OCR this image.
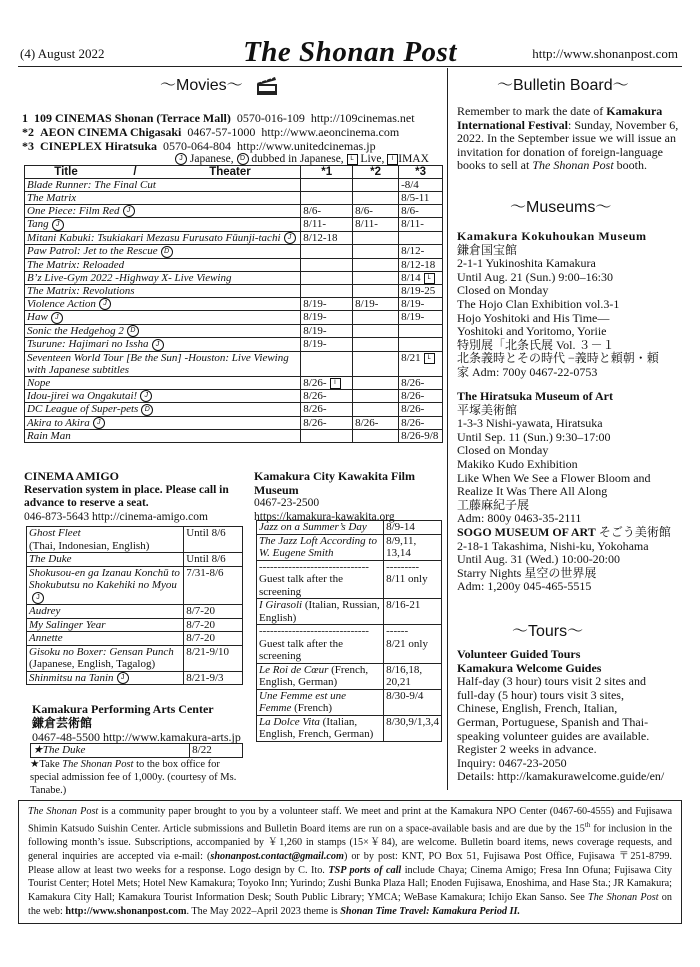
(4) August 2022	The Shonan Post	http://www.shonanpost.com
〜Movies〜
1 109 CINEMAS Shonan (Terrace Mall) 0570-016-109 http://109cinemas.net
*2 AEON CINEMA Chigasaki 0467-57-1000 http://www.aeoncinema.com
*3 CINEPLEX Hiratsuka 0570-064-804 http://www.unitedcinemas.jp
J Japanese, D dubbed in Japanese, L Live, I IMAX
Title / Theater	*1	*2	*3
Blade Runner: The Final Cut			-8/4
The Matrix			8/5-11
One Piece: Film Red J	8/6-	8/6-	8/6-
Tang J	8/11-	8/11-	8/11-
Mitani Kabuki: Tsukiakari Mezasu Furusato Fūunji-tachi J	8/12-18		
Paw Patrol: Jet to the Rescue D			8/12-
The Matrix: Reloaded			8/12-18
B’z Live-Gym 2022 -Highway X- Live Viewing			8/14 L
The Matrix: Revolutions			8/19-25
Violence Action J	8/19-	8/19-	8/19-
Haw J	8/19-		8/19-
Sonic the Hedgehog 2 D	8/19-		
Tsurune: Hajimari no Issha J	8/19-		
Seventeen World Tour [Be the Sun] -Houston: Live Viewing with Japanese subtitles			8/21 L
Nope	8/26- I		8/26-
Idou-jirei wa Ongakutai! J	8/26-		8/26-
DC League of Super-pets D	8/26-		8/26-
Akira to Akira J	8/26-	8/26-	8/26-
Rain Man			8/26-9/8
CINEMA AMIGO
Reservation system in place. Please call in advance to reserve a seat.
046-873-5643 http://cinema-amigo.com
Ghost Fleet
(Thai, Indonesian, English)	Until 8/6
The Duke	Until 8/6
Shokusou-en ga Izanau Konchū to Shokubutsu no Kakehiki no MyouJ	7/31-8/6
Audrey	8/7-20
My Salinger Year	8/7-20
Annette	8/7-20
Gisoku no Boxer: Gensan Punch
(Japanese, English, Tagalog)	8/21-9/10
Shinmitsu na Tanin J	8/21-9/3
Kamakura Performing Arts Center
鎌倉芸術館
0467-48-5500 http://www.kamakura-arts.jp
★The Duke	8/22
★Take The Shonan Post to the box office for special admission fee of 1,000y. (courtesy of Ms. Tanabe.)
Kamakura City Kawakita Film Museum
0467-23-2500
https://kamakura-kawakita.org
Jazz on a Summer’s Day	8/9-14
The Jazz Loft According to W. Eugene Smith	8/9,11, 13,14
------------------------------	---------
Guest talk after the screening	8/11 only
I Girasoli (Italian, Russian, English)	8/16-21
------------------------------	------
Guest talk after the screening	8/21 only
Le Roi de Cœur (French, English, German)	8/16,18, 20,21
Une Femme est une Femme (French)	8/30-9/4
La Dolce Vita (Italian, English, French, German)	8/30,9/1,3,4
〜Bulletin Board〜
Remember to mark the date of Kamakura International Festival: Sunday, November 6, 2022. In the September issue we will issue an invitation for donation of foreign-language books to sell at The Shonan Post booth.
〜Museums〜
Kamakura Kokuhoukan Museum
鎌倉国宝館
2-1-1 Yukinoshita Kamakura
Until Aug. 21 (Sun.) 9:00–16:30
Closed on Monday
The Hojo Clan Exhibition vol.3-1
Hojo Yoshitoki and His Time—
Yoshitoki and Yoritomo, Yoriie
特別展「北条氏展 Vol. ３－１
北条義時とその時代 −義時と頼朝・頼
家 Adm: 700y 0467-22-0753
The Hiratsuka Museum of Art
平塚美術館
1-3-3 Nishi-yawata, Hiratsuka
Until Sep. 11 (Sun.) 9:30–17:00
Closed on Monday
Makiko Kudo Exhibition
Like When We See a Flower Bloom and
Realize It Was There All Along
工藤麻紀子展
Adm: 800y 0463-35-2111
SOGO MUSEUM OF ART そごう美術館
2-18-1 Takashima, Nishi-ku, Yokohama
Until Aug. 31 (Wed.) 10:00-20:00
Starry Nights 星空の世界展
Adm: 1,200y 045-465-5515
〜Tours〜
Volunteer Guided Tours
Kamakura Welcome Guides
Half-day (3 hour) tours visit 2 sites and
full-day (5 hour) tours visit 3 sites,
Chinese, English, French, Italian,
German, Portuguese, Spanish and Thai-
speaking volunteer guides are available.
Register 2 weeks in advance.
Inquiry: 0467-23-2050
Details: http://kamakurawelcome.guide/en/
The Shonan Post is a community paper brought to you by a volunteer staff. We meet and print at the Kamakura NPO Center (0467-60-4555) and Fujisawa Shimin Katsudo Suishin Center. Article submissions and Bulletin Board items are run on a space-available basis and are due by the 15th for inclusion in the following month’s issue. Subscriptions, accompanied by ￥1,260 in stamps (15×￥84), are welcome. Bulletin board items, news coverage requests, and general inquiries are accepted via e-mail: (shonanpost.contact@gmail.com) or by post: KNT, PO Box 51, Fujisawa Post Office, Fujisawa 〒251-8799. Please allow at least two weeks for a response. Logo design by C. Ito. TSP ports of call include Chaya; Cinema Amigo; Fresa Inn Ofuna; Fujisawa City Tourist Center; Hotel Mets; Hotel New Kamakura; Toyoko Inn; Yurindo; Zushi Bunka Plaza Hall; Enoden Fujisawa, Enoshima, and Hase Sta.; JR Kamakura; Kamakura City Hall; Kamakura Tourist Information Desk; South Public Library; YMCA; WeBase Kamakura; Ichijo Ekan Sanso. See The Shonan Post on the web: http://www.shonanpost.com. The May 2022–April 2023 theme is Shonan Time Travel: Kamakura Period II.
